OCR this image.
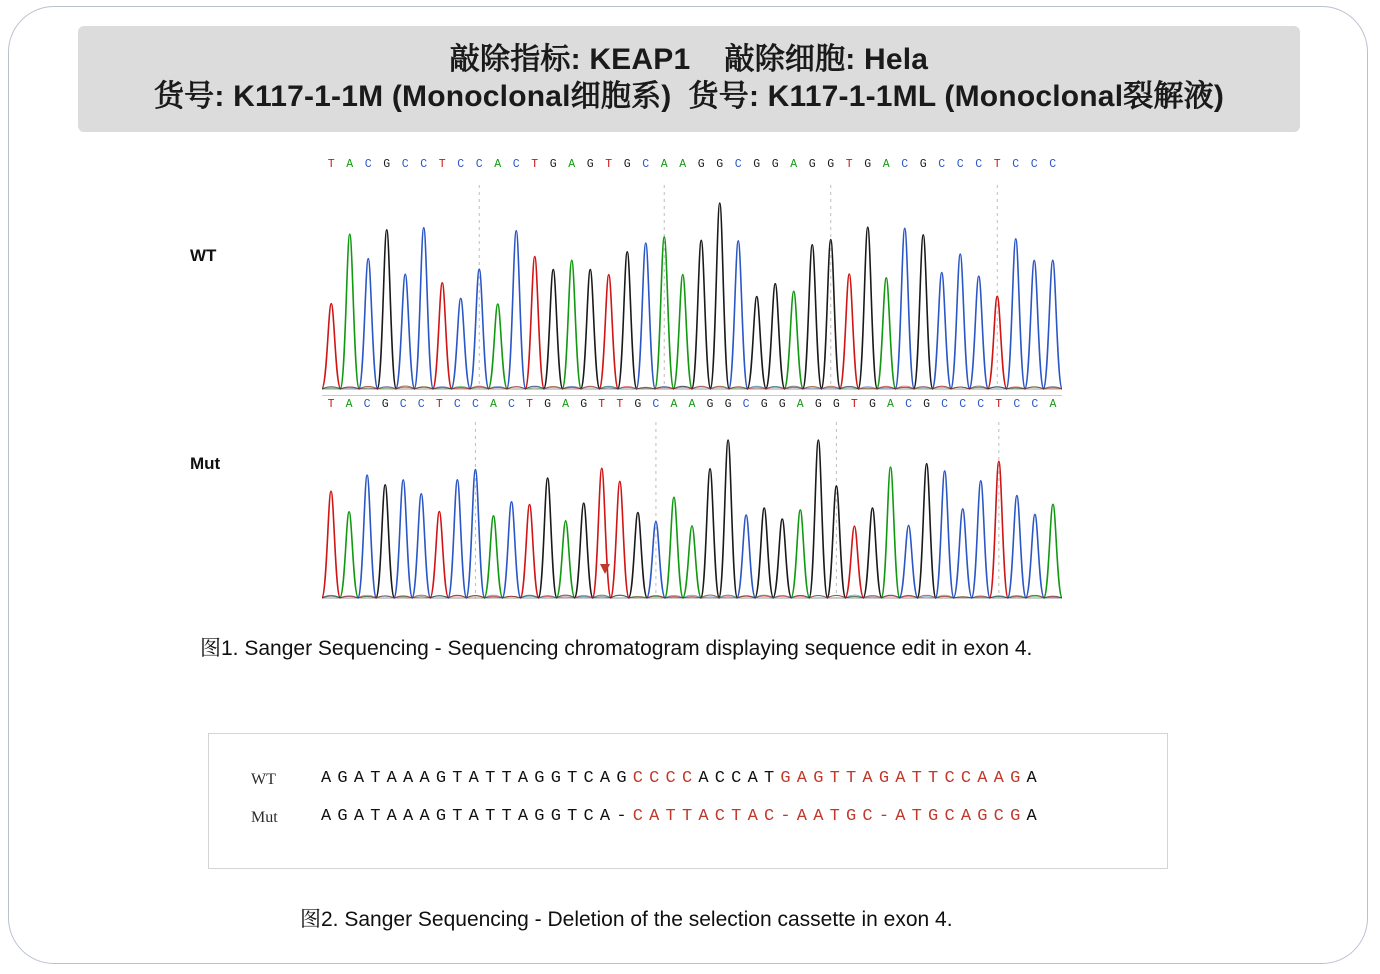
敲除指标: KEAP1    敲除细胞: Hela
货号: K117-1-1M (Monoclonal细胞系)  货号: K117-1-1ML (Monoclonal裂解液)
WT
Mut
T A C G C C T C C A C T G A G T G C A A G G C G G A G G T G A C G C C C T C C C
T A C G C C T C C A C T G A G T T G C A A G G C G G A G G T G A C G C C C T C C A
图1. Sanger Sequencing - Sequencing chromatogram displaying sequence edit in exon 4.
WT	AGATAAAGTATTAGGTCAGCCCCACCATGAGTTAGATTCCAAGA
Mut	AGATAAAGTATTAGGTCA-CATTACTAC-AATGC-ATGCAGCGA
图2. Sanger Sequencing - Deletion of the selection cassette in exon 4.
